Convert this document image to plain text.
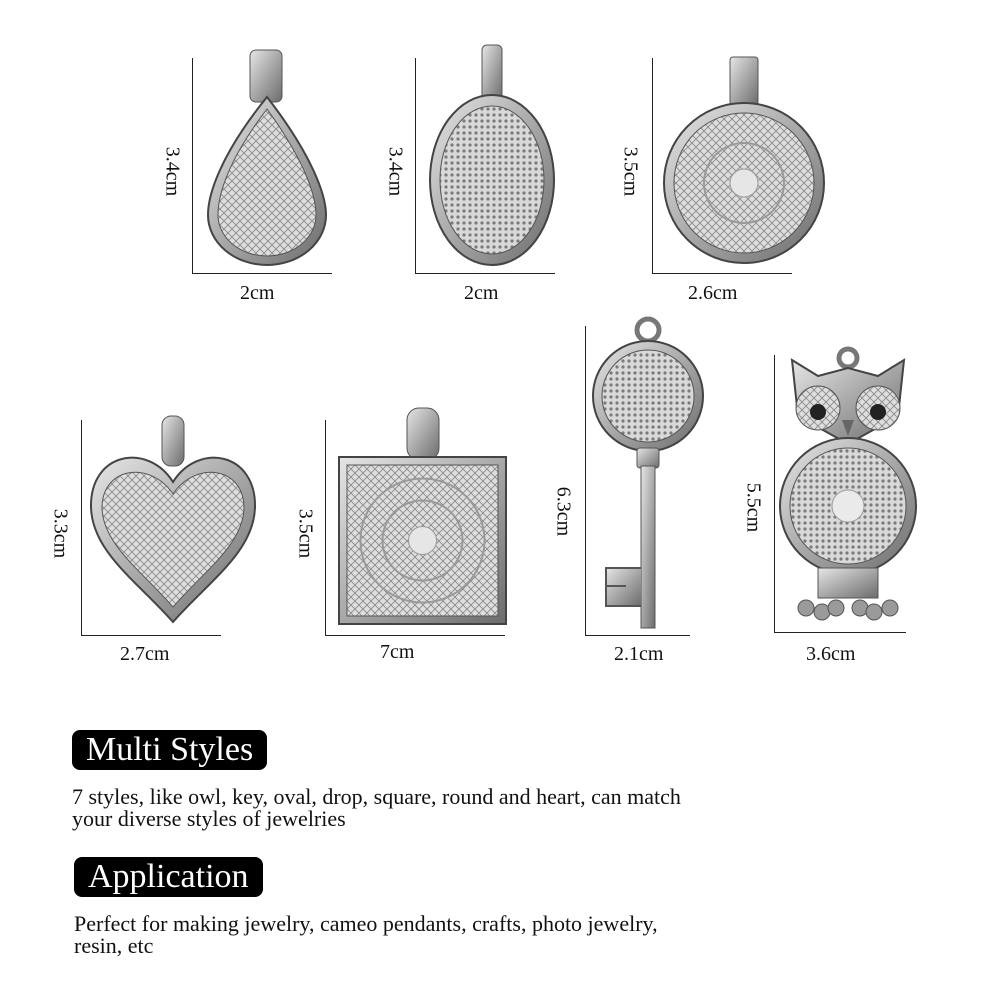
3.4cm
2cm
3.4cm
2cm
3.5cm
2.6cm
3.3cm
2.7cm
3.5cm
7cm
6.3cm
2.1cm
5.5cm
3.6cm
Multi Styles
7 styles, like owl, key, oval, drop, square, round and heart, can match
your diverse styles of jewelries
Application
Perfect for making jewelry, cameo pendants, crafts, photo jewelry,
resin, etc
